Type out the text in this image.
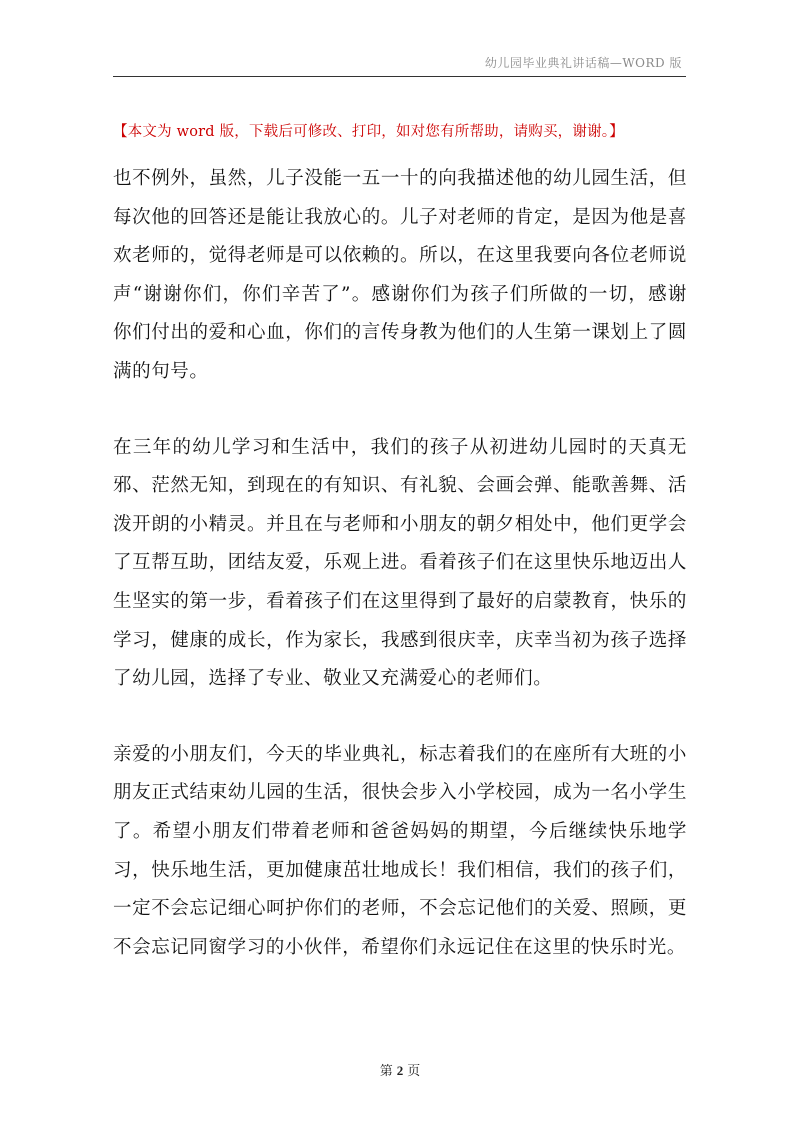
幼儿园毕业典礼讲话稿—WORD 版
【本文为 word 版，下载后可修改、打印，如对您有所帮助，请购买，谢谢。】

也不例外，虽然，儿子没能一五一十的向我描述他的幼儿园生活，但每次他的回答还是能让我放心的。儿子对老师的肯定，是因为他是喜欢老师的，觉得老师是可以依赖的。所以，在这里我要向各位老师说声“谢谢你们，你们辛苦了”。感谢你们为孩子们所做的一切，感谢你们付出的爱和心血，你们的言传身教为他们的人生第一课划上了圆满的句号。

在三年的幼儿学习和生活中，我们的孩子从初进幼儿园时的天真无邪、茫然无知，到现在的有知识、有礼貌、会画会弹、能歌善舞、活泼开朗的小精灵。并且在与老师和小朋友的朝夕相处中，他们更学会了互帮互助，团结友爱，乐观上进。看着孩子们在这里快乐地迈出人生坚实的第一步，看着孩子们在这里得到了最好的启蒙教育，快乐的学习，健康的成长，作为家长，我感到很庆幸，庆幸当初为孩子选择了幼儿园，选择了专业、敬业又充满爱心的老师们。

亲爱的小朋友们，今天的毕业典礼，标志着我们的在座所有大班的小朋友正式结束幼儿园的生活，很快会步入小学校园，成为一名小学生了。希望小朋友们带着老师和爸爸妈妈的期望，今后继续快乐地学习，快乐地生活，更加健康茁壮地成长！我们相信，我们的孩子们，一定不会忘记细心呵护你们的老师，不会忘记他们的关爱、照顾，更不会忘记同窗学习的小伙伴，希望你们永远记住在这里的快乐时光。

第 2 页
